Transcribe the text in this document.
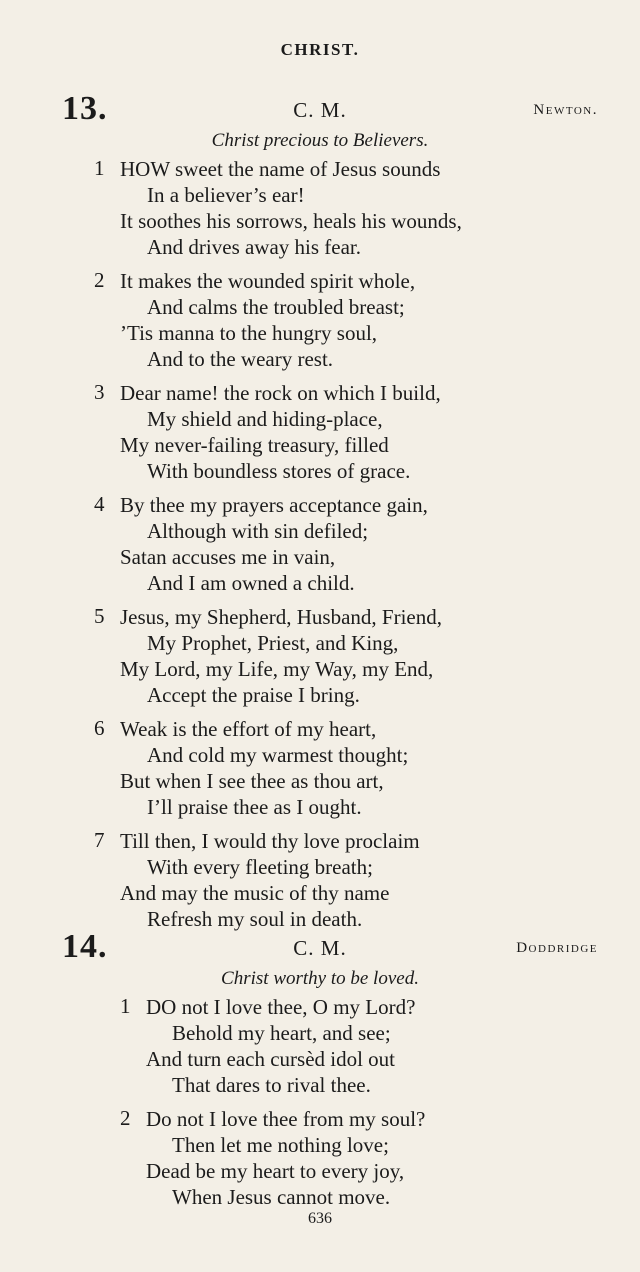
CHRIST.
13.	C. M.	Newton.
Christ precious to Believers.
1 HOW sweet the name of Jesus sounds
In a believer’s ear!
It soothes his sorrows, heals his wounds,
And drives away his fear.
2 It makes the wounded spirit whole,
And calms the troubled breast;
’Tis manna to the hungry soul,
And to the weary rest.
3 Dear name! the rock on which I build,
My shield and hiding-place,
My never-failing treasury, filled
With boundless stores of grace.
4 By thee my prayers acceptance gain,
Although with sin defiled;
Satan accuses me in vain,
And I am owned a child.
5 Jesus, my Shepherd, Husband, Friend,
My Prophet, Priest, and King,
My Lord, my Life, my Way, my End,
Accept the praise I bring.
6 Weak is the effort of my heart,
And cold my warmest thought;
But when I see thee as thou art,
I’ll praise thee as I ought.
7 Till then, I would thy love proclaim
With every fleeting breath;
And may the music of thy name
Refresh my soul in death.
14.	C. M.	Doddridge
Christ worthy to be loved.
1 DO not I love thee, O my Lord?
Behold my heart, and see;
And turn each cursèd idol out
That dares to rival thee.
2 Do not I love thee from my soul?
Then let me nothing love;
Dead be my heart to every joy,
When Jesus cannot move.
636
